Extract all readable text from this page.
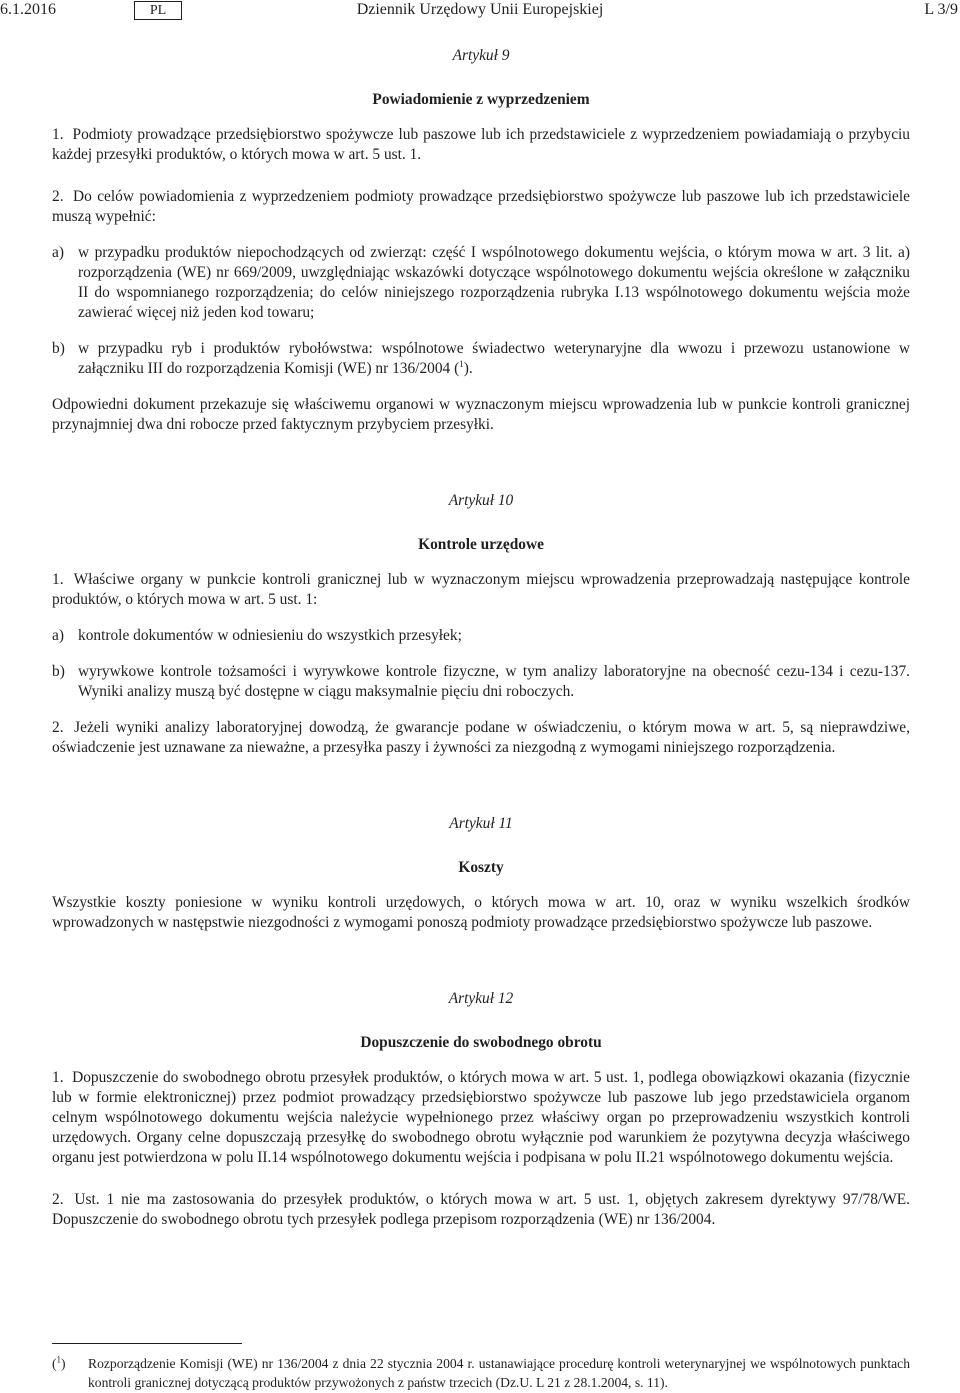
6.1.2016	Dziennik Urzędowy Unii Europejskiej
PL	L 3/9
Artykuł 9
Powiadomienie z wyprzedzeniem

1. Podmioty prowadzące przedsiębiorstwo spożywcze lub paszowe lub ich przedstawiciele z wyprzedzeniem powiadamiają o przybyciu każdej przesyłki produktów, o których mowa w art. 5 ust. 1.

2. Do celów powiadomienia z wyprzedzeniem podmioty prowadzące przedsiębiorstwo spożywcze lub paszowe lub ich przedstawiciele muszą wypełnić:

a) w przypadku produktów niepochodzących od zwierząt: część I wspólnotowego dokumentu wejścia, o którym mowa w art. 3 lit. a) rozporządzenia (WE) nr 669/2009, uwzględniając wskazówki dotyczące wspólnotowego dokumentu wejścia określone w załączniku II do wspomnianego rozporządzenia; do celów niniejszego rozporządzenia rubryka I.13 wspólnotowego dokumentu wejścia może zawierać więcej niż jeden kod towaru;
b) w przypadku ryb i produktów rybołówstwa: wspólnotowe świadectwo weterynaryjne dla wwozu i przewozu ustanowione w załączniku III do rozporządzenia Komisji (WE) nr 136/2004 ($^1$).

Odpowiedni dokument przekazuje się właściwemu organowi w wyznaczonym miejscu wprowadzenia lub w punkcie kontroli granicznej przynajmniej dwa dni robocze przed faktycznym przybyciem przesyłki.

Artykuł 10
Kontrole urzędowe

1. Właściwe organy w punkcie kontroli granicznej lub w wyznaczonym miejscu wprowadzenia przeprowadzają następujące kontrole produktów, o których mowa w art. 5 ust. 1:

a) kontrole dokumentów w odniesieniu do wszystkich przesyłek;
b) wyrywkowe kontrole tożsamości i wyrywkowe kontrole fizyczne, w tym analizy laboratoryjne na obecność cezu-134 i cezu-137. Wyniki analizy muszą być dostępne w ciągu maksymalnie pięciu dni roboczych.

2. Jeżeli wyniki analizy laboratoryjnej dowodzą, że gwarancje podane w oświadczeniu, o którym mowa w art. 5, są nieprawdziwe, oświadczenie jest uznawane za nieważne, a przesyłka paszy i żywności za niezgodną z wymogami niniejszego rozporządzenia.

Artykuł 11
Koszty

Wszystkie koszty poniesione w wyniku kontroli urzędowych, o których mowa w art. 10, oraz w wyniku wszelkich środków wprowadzonych w następstwie niezgodności z wymogami ponoszą podmioty prowadzące przedsiębiorstwo spożywcze lub paszowe.

Artykuł 12
Dopuszczenie do swobodnego obrotu

1. Dopuszczenie do swobodnego obrotu przesyłek produktów, o których mowa w art. 5 ust. 1, podlega obowiązkowi okazania (fizycznie lub w formie elektronicznej) przez podmiot prowadzący przedsiębiorstwo spożywcze lub paszowe lub jego przedstawiciela organom celnym wspólnotowego dokumentu wejścia należycie wypełnionego przez właściwy organ po przeprowadzeniu wszystkich kontroli urzędowych. Organy celne dopuszczają przesyłkę do swobodnego obrotu wyłącznie pod warunkiem że pozytywna decyzja właściwego organu jest potwierdzona w polu II.14 wspólnotowego dokumentu wejścia i podpisana w polu II.21 wspólnotowego dokumentu wejścia.

2. Ust. 1 nie ma zastosowania do przesyłek produktów, o których mowa w art. 5 ust. 1, objętych zakresem dyrektywy 97/78/WE. Dopuszczenie do swobodnego obrotu tych przesyłek podlega przepisom rozporządzenia (WE) nr 136/2004.

($^1$)	Rozporządzenie Komisji (WE) nr 136/2004 z dnia 22 stycznia 2004 r. ustanawiające procedurę kontroli weterynaryjnej we wspólnotowych punktach kontroli granicznej dotyczącą produktów przywożonych z państw trzecich (Dz.U. L 21 z 28.1.2004, s. 11).
